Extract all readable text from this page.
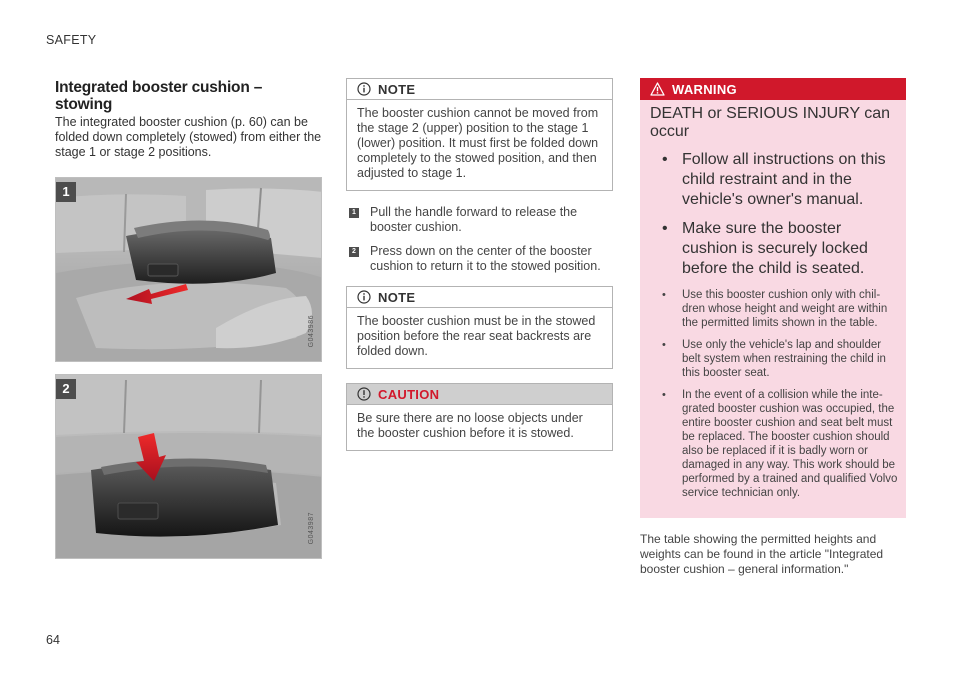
SAFETY
Integrated booster cushion – stowing

The integrated booster cushion (p. 60) can be folded down completely (stowed) from either the stage 1 or stage 2 positions.

1
G043986
2
G043987
NOTE
The booster cushion cannot be moved from the stage 2 (upper) position to the stage 1 (lower) position. It must first be folded down completely to the stowed position, and then adjusted to stage 1.
1 Pull the handle forward to release the booster cushion.
2 Press down on the center of the booster cushion to return it to the stowed position.
NOTE
The booster cushion must be in the stowed position before the rear seat backrests are folded down.
CAUTION
Be sure there are no loose objects under the booster cushion before it is stowed.
WARNING

DEATH or SERIOUS INJURY can occur

• Follow all instructions on this child restraint and in the vehicle's owner's manual.
• Make sure the booster cushion is securely locked before the child is seated.
• Use this booster cushion only with chil-dren whose height and weight are within the permitted limits shown in the table.
• Use only the vehicle's lap and shoulder belt system when restraining the child in this booster seat.
• In the event of a collision while the inte-grated booster cushion was occupied, the entire booster cushion and seat belt must be replaced. The booster cushion should also be replaced if it is badly worn or damaged in any way. This work should be performed by a trained and qualified Volvo service technician only.

The table showing the permitted heights and weights can be found in the article "Integrated booster cushion – general information."

64
